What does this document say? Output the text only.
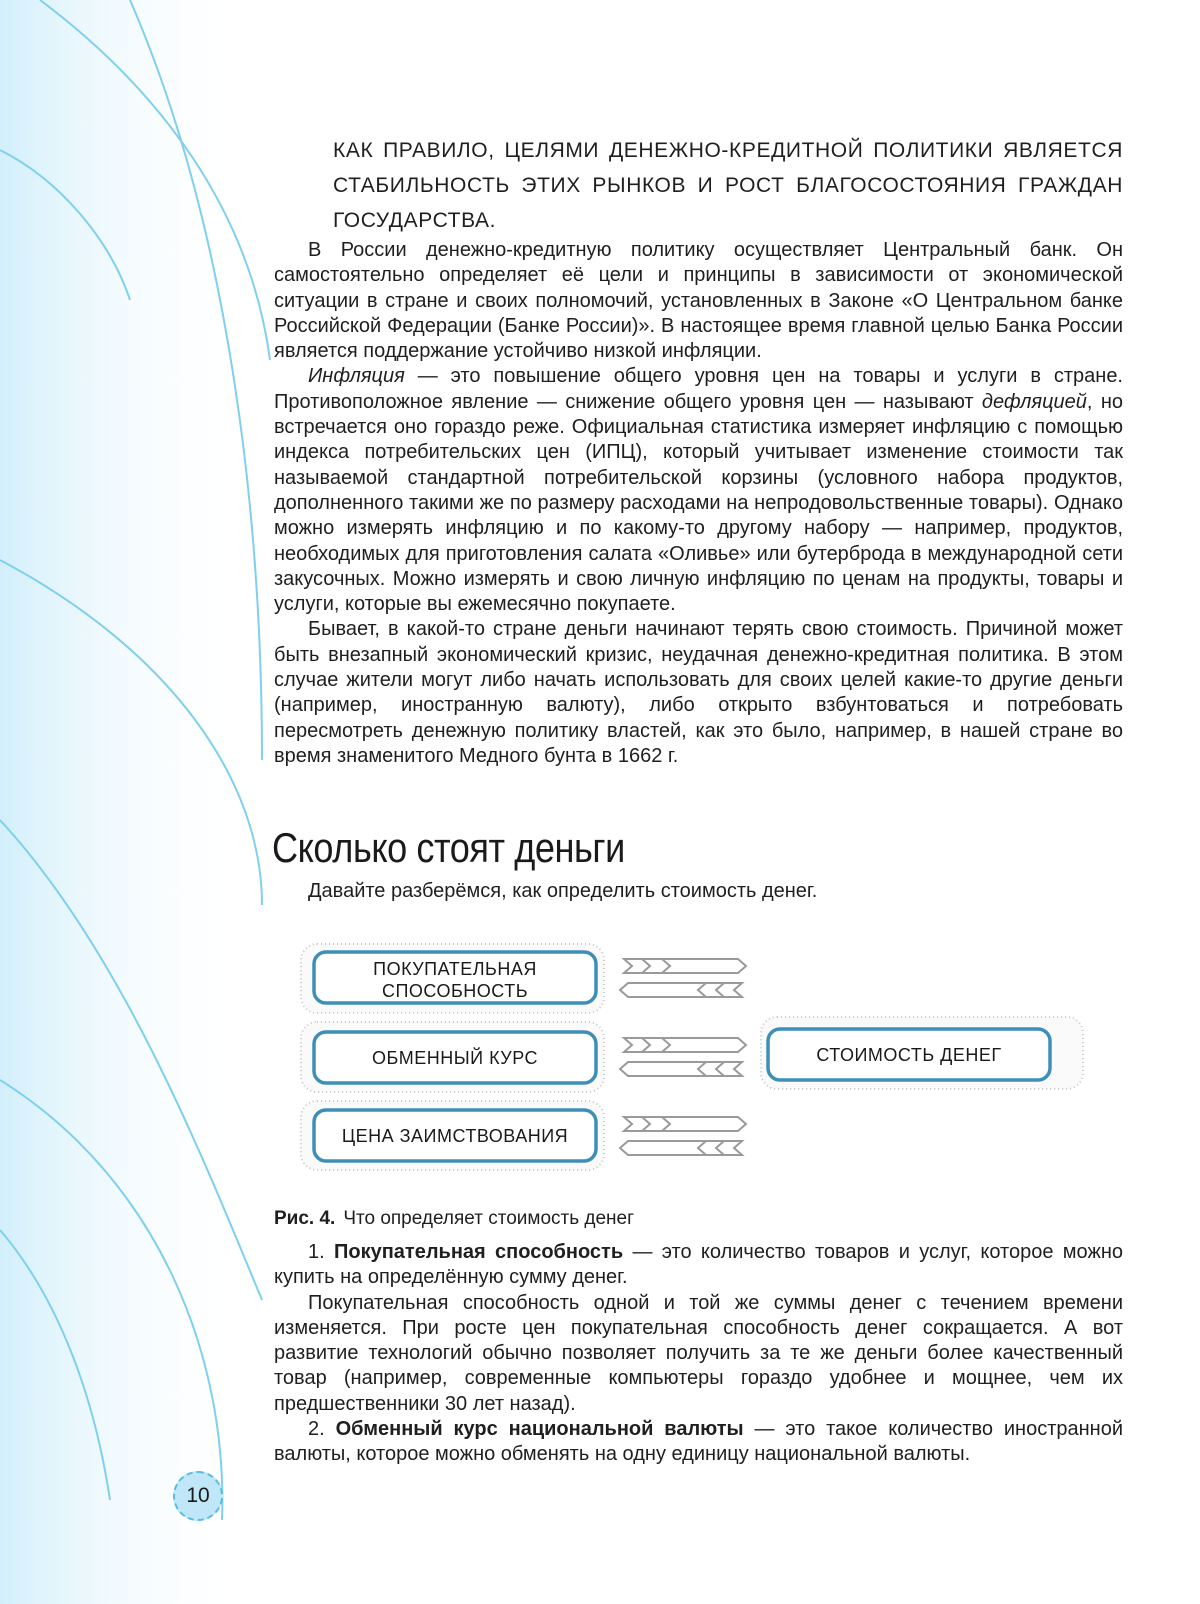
КАК ПРАВИЛО, ЦЕЛЯМИ ДЕНЕЖНО-КРЕДИТНОЙ ПОЛИТИКИ ЯВЛЯЕТСЯ СТАБИЛЬНОСТЬ ЭТИХ РЫНКОВ И РОСТ БЛАГОСОСТОЯНИЯ ГРАЖДАН ГОСУДАРСТВА.

В России денежно-кредитную политику осуществляет Центральный банк. Он самостоятельно определяет её цели и принципы в зависимости от экономической ситуации в стране и своих полномочий, установленных в Законе «О Центральном банке Российской Федерации (Банке России)». В настоящее время главной целью Банка России является поддержание устойчиво низкой инфляции.

Инфляция — это повышение общего уровня цен на товары и услуги в стране. Противоположное явление — снижение общего уровня цен — называют дефляцией, но встречается оно гораздо реже. Официальная статистика измеряет инфляцию с помощью индекса потребительских цен (ИПЦ), который учитывает изменение стоимости так называемой стандартной потребительской корзины (условного набора продуктов, дополненного такими же по размеру расходами на непродовольственные товары). Однако можно измерять инфляцию и по какому-то другому набору — например, продуктов, необходимых для приготовления салата «Оливье» или бутерброда в международной сети закусочных. Можно измерять и свою личную инфляцию по ценам на продукты, товары и услуги, которые вы ежемесячно покупаете.

Бывает, в какой-то стране деньги начинают терять свою стоимость. Причиной может быть внезапный экономический кризис, неудачная денежно-кредитная политика. В этом случае жители могут либо начать использовать для своих целей какие-то другие деньги (например, иностранную валюту), либо открыто взбунтоваться и потребовать пересмотреть денежную политику властей, как это было, например, в нашей стране во время знаменитого Медного бунта в 1662 г.

Сколько стоят деньги

Давайте разберёмся, как определить стоимость денег.

ПОКУПАТЕЛЬНАЯ
СПОСОБНОСТЬ
ОБМЕННЫЙ КУРС
ЦЕНА ЗАИМСТВОВАНИЯ
СТОИМОСТЬ ДЕНЕГ

Рис. 4. Что определяет стоимость денег

1. Покупательная способность — это количество товаров и услуг, которое можно купить на определённую сумму денег.

Покупательная способность одной и той же суммы денег с течением времени изменяется. При росте цен покупательная способность денег сокращается. А вот развитие технологий обычно позволяет получить за те же деньги более качественный товар (например, современные компьютеры гораздо удобнее и мощнее, чем их предшественники 30 лет назад).

2. Обменный курс национальной валюты — это такое количество иностранной валюты, которое можно обменять на одну единицу национальной валюты.

10
